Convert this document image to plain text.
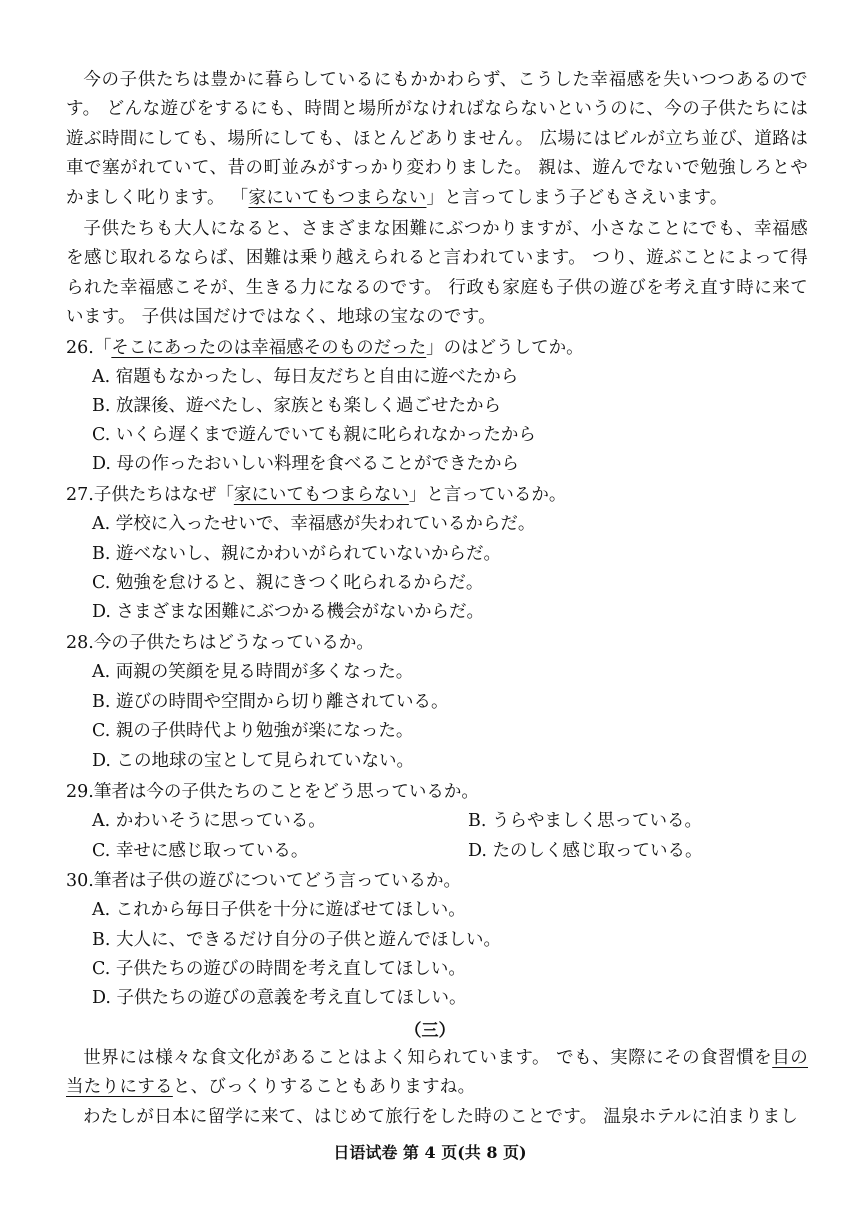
今の子供たちは豊かに暮らしているにもかかわらず、こうした幸福感を失いつつあるのです。 どんな遊びをするにも、時間と場所がなければならないというのに、今の子供たちには遊ぶ時間にしても、場所にしても、ほとんどありません。 広場にはビルが立ち並び、道路は車で塞がれていて、昔の町並みがすっかり変わりました。 親は、遊んでないで勉強しろとやかましく叱ります。 「家にいてもつまらない」と言ってしまう子どもさえいます。

子供たちも大人になると、さまざまな困難にぶつかりますが、小さなことにでも、幸福感を感じ取れるならば、困難は乗り越えられると言われています。 つり、遊ぶことによって得られた幸福感こそが、生きる力になるのです。 行政も家庭も子供の遊びを考え直す時に来ています。 子供は国だけではなく、地球の宝なのです。

26.「そこにあったのは幸福感そのものだった」のはどうしてか。
A. 宿題もなかったし、毎日友だちと自由に遊べたから
B. 放課後、遊べたし、家族とも楽しく過ごせたから
C. いくら遅くまで遊んでいても親に叱られなかったから
D. 母の作ったおいしい料理を食べることができたから
27.子供たちはなぜ「家にいてもつまらない」と言っているか。
A. 学校に入ったせいで、幸福感が失われているからだ。
B. 遊べないし、親にかわいがられていないからだ。
C. 勉強を怠けると、親にきつく叱られるからだ。
D. さまざまな困難にぶつかる機会がないからだ。
28.今の子供たちはどうなっているか。
A. 両親の笑顔を見る時間が多くなった。
B. 遊びの時間や空間から切り離されている。
C. 親の子供時代より勉強が楽になった。
D. この地球の宝として見られていない。
29.筆者は今の子供たちのことをどう思っているか。
A. かわいそうに思っている。	B. うらやましく思っている。
C. 幸せに感じ取っている。	D. たのしく感じ取っている。
30.筆者は子供の遊びについてどう言っているか。
A. これから毎日子供を十分に遊ばせてほしい。
B. 大人に、できるだけ自分の子供と遊んでほしい。
C. 子供たちの遊びの時間を考え直してほしい。
D. 子供たちの遊びの意義を考え直してほしい。
（三）

世界には様々な食文化があることはよく知られています。 でも、実際にその食習慣を目の当たりにすると、びっくりすることもありますね。

わたしが日本に留学に来て、はじめて旅行をした時のことです。 温泉ホテルに泊まりまし

日语试卷 第 4 页(共 8 页)
